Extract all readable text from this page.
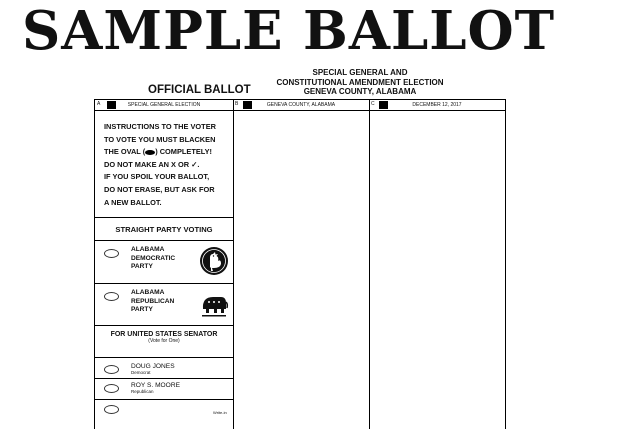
SAMPLE BALLOT
OFFICIAL BALLOT
SPECIAL GENERAL AND
CONSTITUTIONAL AMENDMENT ELECTION
GENEVA COUNTY, ALABAMA
A	SPECIAL GENERAL ELECTION	B	GENEVA COUNTY, ALABAMA	C	DECEMBER 12, 2017
INSTRUCTIONS TO THE VOTER
TO VOTE YOU MUST BLACKEN
THE OVAL ( ) COMPLETELY!
DO NOT MAKE AN X OR ✓.
IF YOU SPOIL YOUR BALLOT,
DO NOT ERASE, BUT ASK FOR
A NEW BALLOT.
STRAIGHT PARTY VOTING
ALABAMA
DEMOCRATIC
PARTY
ALABAMA
REPUBLICAN
PARTY
FOR UNITED STATES SENATOR
(Vote for One)
DOUG JONES
Democrat
ROY S. MOORE
Republican
Write-in
